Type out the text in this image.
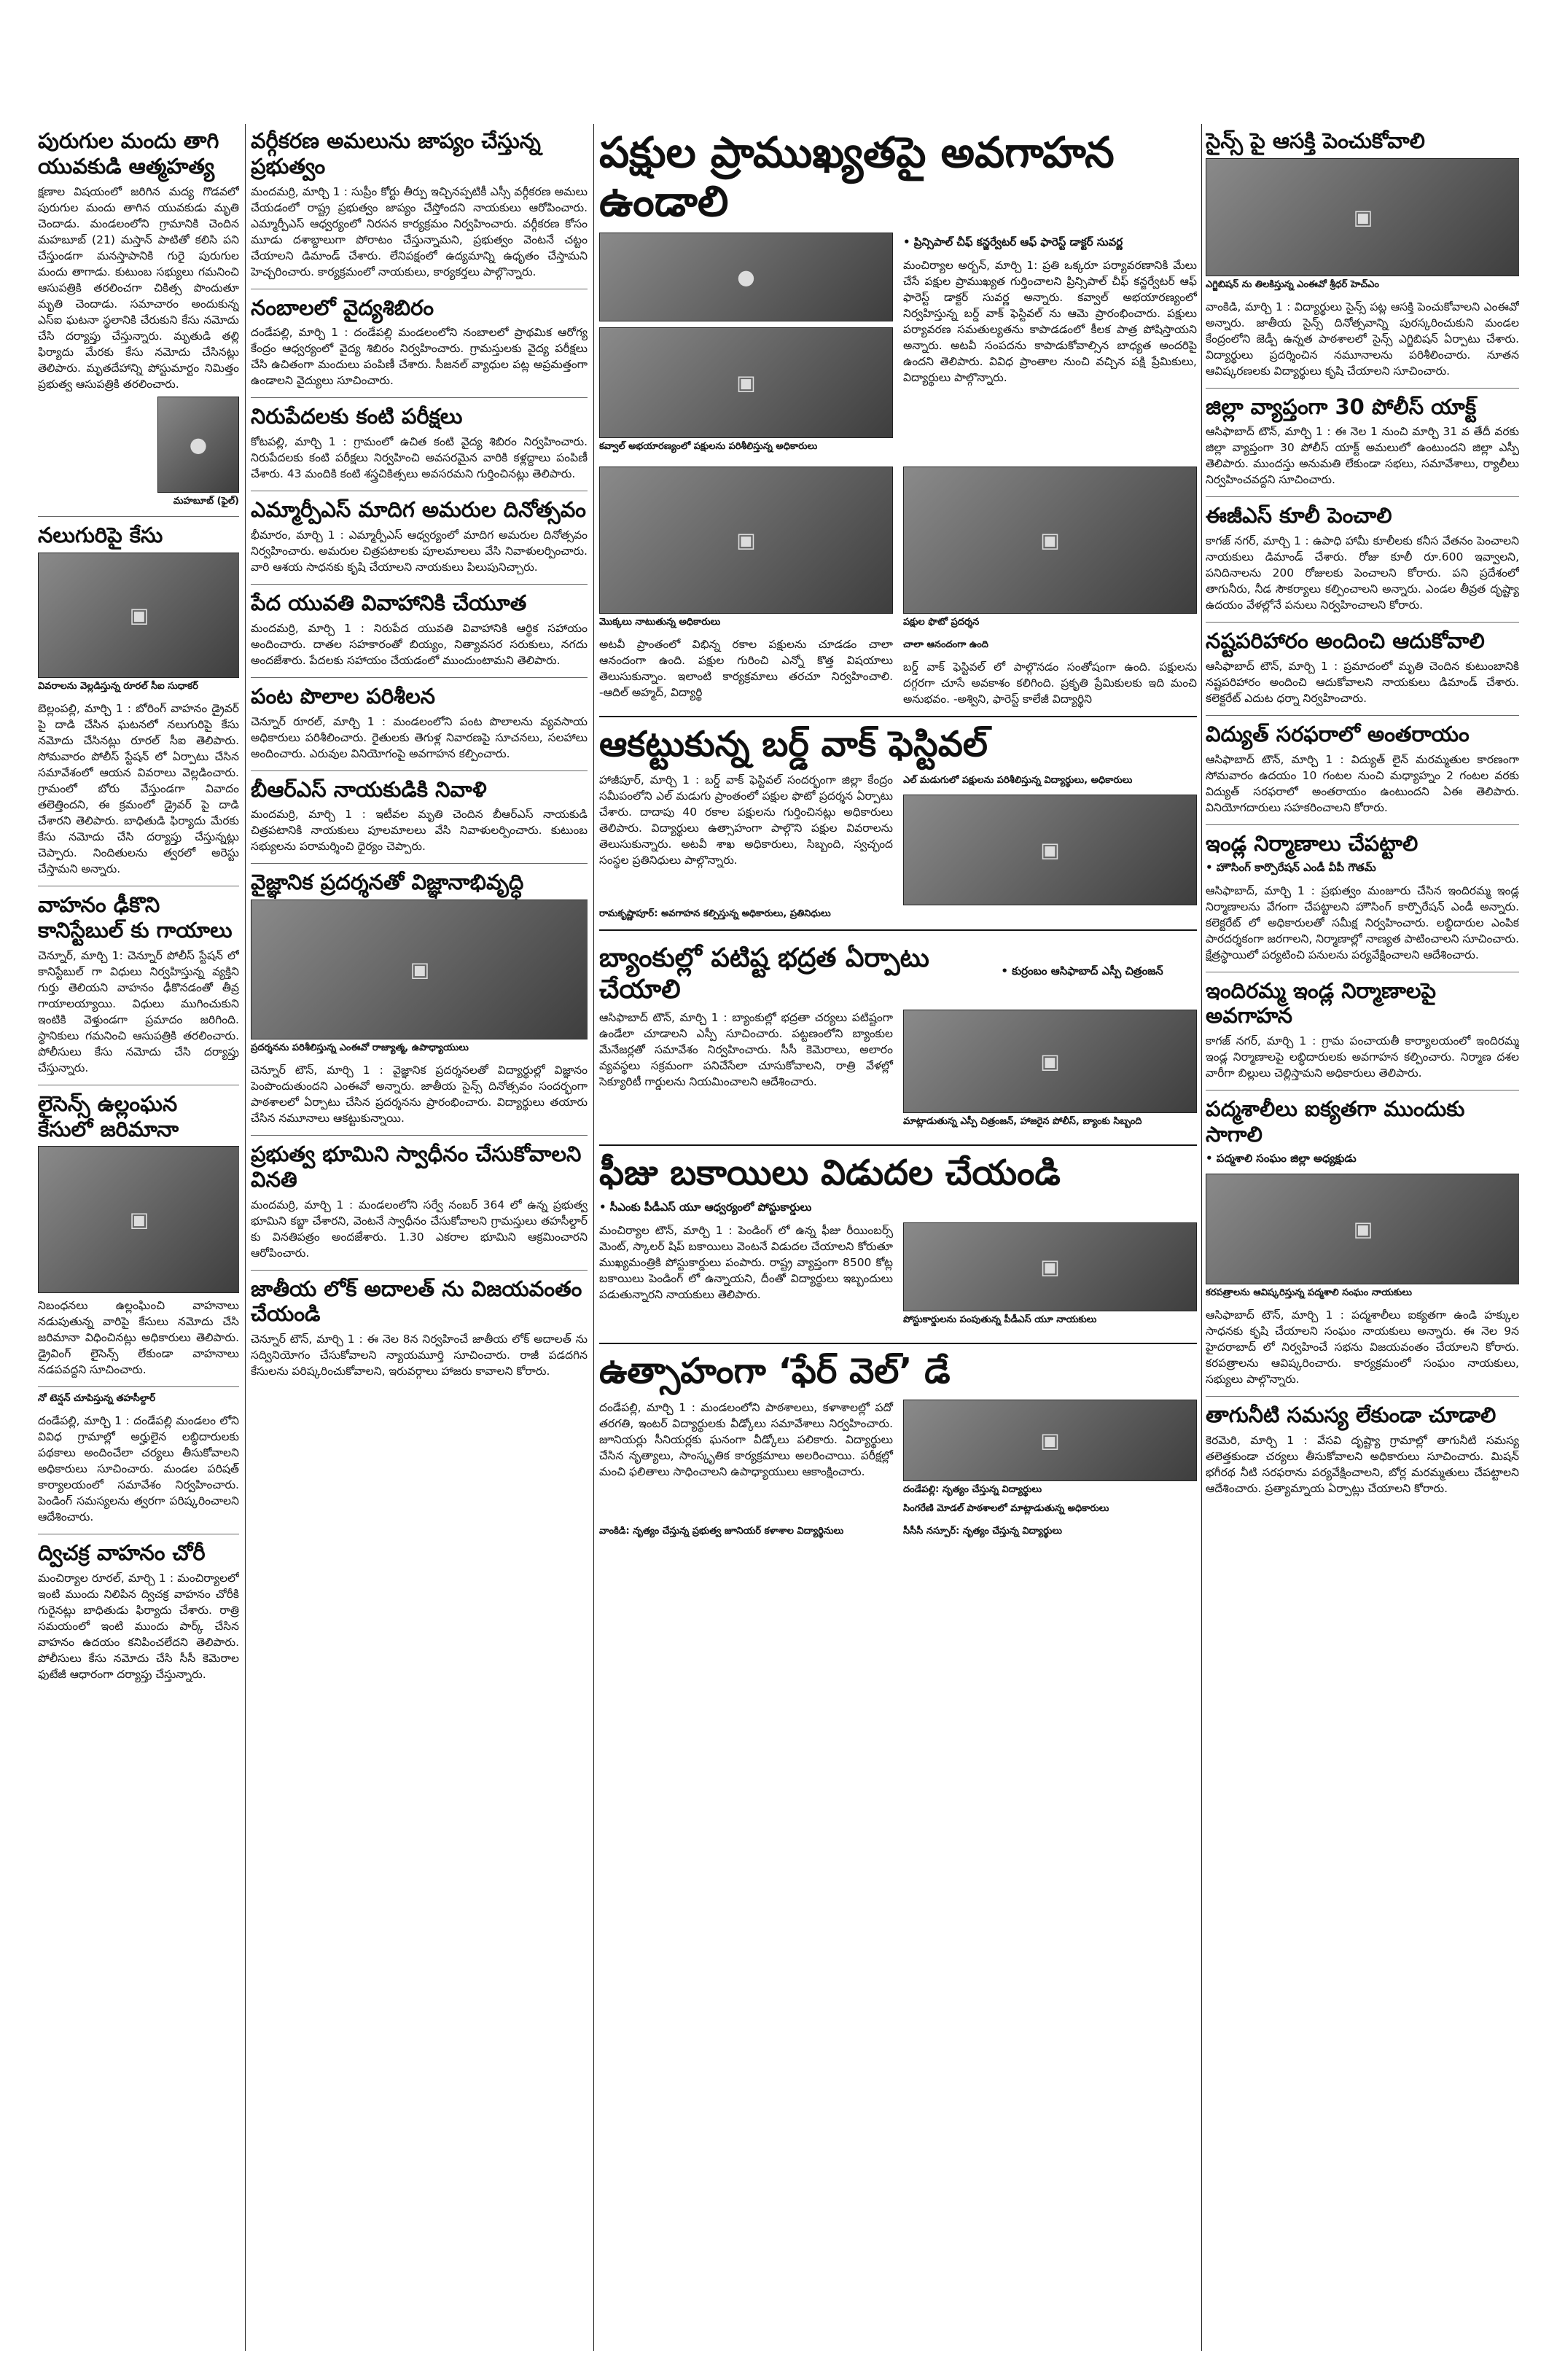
పురుగుల మందు తాగి యువకుడి ఆత్మహత్య
క్షణాల విషయంలో జరిగిన మద్య గొడవలో పురుగుల మందు తాగిన యువకుడు మృతి చెందాడు. మండలంలోని గ్రామానికి చెందిన మహబూబ్ (21) మస్తాన్ పాటితో కలిసి పని చేస్తుండగా మనస్తాపానికి గురై పురుగుల మందు తాగాడు. కుటుంబ సభ్యులు గమనించి ఆసుపత్రికి తరలించగా చికిత్స పొందుతూ మృతి చెందాడు. సమాచారం అందుకున్న ఎస్ఐ ఘటనా స్థలానికి చేరుకుని కేసు నమోదు చేసి దర్యాప్తు చేస్తున్నారు. మృతుడి తల్లి ఫిర్యాదు మేరకు కేసు నమోదు చేసినట్లు తెలిపారు. మృతదేహాన్ని పోస్టుమార్టం నిమిత్తం ప్రభుత్వ ఆసుపత్రికి తరలించారు.
●
మహబూబ్ (ఫైల్)
నలుగురిపై కేసు
▣
వివరాలను వెల్లడిస్తున్న రూరల్ సీఐ సుధాకర్
బెల్లంపల్లి, మార్చి 1 : బోరింగ్ వాహనం డ్రైవర్ పై దాడి చేసిన ఘటనలో నలుగురిపై కేసు నమోదు చేసినట్లు రూరల్ సీఐ తెలిపారు. సోమవారం పోలీస్ స్టేషన్ లో ఏర్పాటు చేసిన సమావేశంలో ఆయన వివరాలు వెల్లడించారు. గ్రామంలో బోరు వేస్తుండగా వివాదం తలెత్తిందని, ఈ క్రమంలో డ్రైవర్ పై దాడి చేశారని తెలిపారు. బాధితుడి ఫిర్యాదు మేరకు కేసు నమోదు చేసి దర్యాప్తు చేస్తున్నట్లు చెప్పారు. నిందితులను త్వరలో అరెస్టు చేస్తామని అన్నారు.
వాహనం ఢీకొని కానిస్టేబుల్ కు గాయాలు
చెన్నూర్, మార్చి 1: చెన్నూర్ పోలీస్ స్టేషన్ లో కానిస్టేబుల్ గా విధులు నిర్వహిస్తున్న వ్యక్తిని గుర్తు తెలియని వాహనం ఢీకొనడంతో తీవ్ర గాయాలయ్యాయి. విధులు ముగించుకుని ఇంటికి వెళ్తుండగా ప్రమాదం జరిగింది. స్థానికులు గమనించి ఆసుపత్రికి తరలించారు. పోలీసులు కేసు నమోదు చేసి దర్యాప్తు చేస్తున్నారు.
లైసెన్స్ ఉల్లంఘన కేసులో జరిమానా
▣
నిబంధనలు ఉల్లంఘించి వాహనాలు నడుపుతున్న వారిపై కేసులు నమోదు చేసి జరిమానా విధించినట్లు అధికారులు తెలిపారు. డ్రైవింగ్ లైసెన్స్ లేకుండా వాహనాలు నడపవద్దని సూచించారు.
నో టెన్షన్ చూపిస్తున్న తహసీల్దార్
దండేపల్లి, మార్చి 1 : దండేపల్లి మండలం లోని వివిధ గ్రామాల్లో అర్హులైన లబ్ధిదారులకు పథకాలు అందించేలా చర్యలు తీసుకోవాలని అధికారులు సూచించారు. మండల పరిషత్ కార్యాలయంలో సమావేశం నిర్వహించారు. పెండింగ్ సమస్యలను త్వరగా పరిష్కరించాలని ఆదేశించారు.
ద్విచక్ర వాహనం చోరీ
మంచిర్యాల రూరల్, మార్చి 1 : మంచిర్యాలలో ఇంటి ముందు నిలిపిన ద్విచక్ర వాహనం చోరీకి గురైనట్లు బాధితుడు ఫిర్యాదు చేశారు. రాత్రి సమయంలో ఇంటి ముందు పార్క్ చేసిన వాహనం ఉదయం కనిపించలేదని తెలిపారు. పోలీసులు కేసు నమోదు చేసి సీసీ కెమెరాల ఫుటేజీ ఆధారంగా దర్యాప్తు చేస్తున్నారు.
వర్గీకరణ అమలును జాప్యం చేస్తున్న ప్రభుత్వం
మందమర్రి, మార్చి 1 : సుప్రీం కోర్టు తీర్పు ఇచ్చినప్పటికీ ఎస్సీ వర్గీకరణ అమలు చేయడంలో రాష్ట్ర ప్రభుత్వం జాప్యం చేస్తోందని నాయకులు ఆరోపించారు. ఎమ్మార్పీఎస్ ఆధ్వర్యంలో నిరసన కార్యక్రమం నిర్వహించారు. వర్గీకరణ కోసం మూడు దశాబ్దాలుగా పోరాటం చేస్తున్నామని, ప్రభుత్వం వెంటనే చట్టం చేయాలని డిమాండ్ చేశారు. లేనిపక్షంలో ఉద్యమాన్ని ఉధృతం చేస్తామని హెచ్చరించారు. కార్యక్రమంలో నాయకులు, కార్యకర్తలు పాల్గొన్నారు.
నంబాలలో వైద్యశిబిరం
దండేపల్లి, మార్చి 1 : దండేపల్లి మండలంలోని నంబాలలో ప్రాథమిక ఆరోగ్య కేంద్రం ఆధ్వర్యంలో వైద్య శిబిరం నిర్వహించారు. గ్రామస్తులకు వైద్య పరీక్షలు చేసి ఉచితంగా మందులు పంపిణీ చేశారు. సీజనల్ వ్యాధుల పట్ల అప్రమత్తంగా ఉండాలని వైద్యులు సూచించారు.
నిరుపేదలకు కంటి పరీక్షలు
కోటపల్లి, మార్చి 1 : గ్రామంలో ఉచిత కంటి వైద్య శిబిరం నిర్వహించారు. నిరుపేదలకు కంటి పరీక్షలు నిర్వహించి అవసరమైన వారికి కళ్లద్దాలు పంపిణీ చేశారు. 43 మందికి కంటి శస్త్రచికిత్సలు అవసరమని గుర్తించినట్లు తెలిపారు.
ఎమ్మార్పీఎస్ మాదిగ అమరుల దినోత్సవం
భీమారం, మార్చి 1 : ఎమ్మార్పీఎస్ ఆధ్వర్యంలో మాదిగ అమరుల దినోత్సవం నిర్వహించారు. అమరుల చిత్రపటాలకు పూలమాలలు వేసి నివాళులర్పించారు. వారి ఆశయ సాధనకు కృషి చేయాలని నాయకులు పిలుపునిచ్చారు.
పేద యువతి వివాహానికి చేయూత
మందమర్రి, మార్చి 1 : నిరుపేద యువతి వివాహానికి ఆర్థిక సహాయం అందించారు. దాతల సహకారంతో బియ్యం, నిత్యావసర సరుకులు, నగదు అందజేశారు. పేదలకు సహాయం చేయడంలో ముందుంటామని తెలిపారు.
పంట పొలాల పరిశీలన
చెన్నూర్ రూరల్, మార్చి 1 : మండలంలోని పంట పొలాలను వ్యవసాయ అధికారులు పరిశీలించారు. రైతులకు తెగుళ్ల నివారణపై సూచనలు, సలహాలు అందించారు. ఎరువుల వినియోగంపై అవగాహన కల్పించారు.
బీఆర్ఎస్ నాయకుడికి నివాళి
మందమర్రి, మార్చి 1 : ఇటీవల మృతి చెందిన బీఆర్ఎస్ నాయకుడి చిత్రపటానికి నాయకులు పూలమాలలు వేసి నివాళులర్పించారు. కుటుంబ సభ్యులను పరామర్శించి ధైర్యం చెప్పారు.
వైజ్ఞానిక ప్రదర్శనతో విజ్ఞానాభివృద్ధి
▣
ప్రదర్శనను పరిశీలిస్తున్న ఎంఈవో రాజ్యాత్మ, ఉపాధ్యాయులు
చెన్నూర్ టౌన్, మార్చి 1 : వైజ్ఞానిక ప్రదర్శనలతో విద్యార్థుల్లో విజ్ఞానం పెంపొందుతుందని ఎంఈవో అన్నారు. జాతీయ సైన్స్ దినోత్సవం సందర్భంగా పాఠశాలలో ఏర్పాటు చేసిన ప్రదర్శనను ప్రారంభించారు. విద్యార్థులు తయారు చేసిన నమూనాలు ఆకట్టుకున్నాయి.
ప్రభుత్వ భూమిని స్వాధీనం చేసుకోవాలని వినతి
మందమర్రి, మార్చి 1 : మండలంలోని సర్వే నంబర్ 364 లో ఉన్న ప్రభుత్వ భూమిని కబ్జా చేశారని, వెంటనే స్వాధీనం చేసుకోవాలని గ్రామస్తులు తహసీల్దార్ కు వినతిపత్రం అందజేశారు. 1.30 ఎకరాల భూమిని ఆక్రమించారని ఆరోపించారు.
జాతీయ లోక్ అదాలత్ ను విజయవంతం చేయండి
చెన్నూర్ టౌన్, మార్చి 1 : ఈ నెల 8న నిర్వహించే జాతీయ లోక్ అదాలత్ ను సద్వినియోగం చేసుకోవాలని న్యాయమూర్తి సూచించారు. రాజీ పడదగిన కేసులను పరిష్కరించుకోవాలని, ఇరువర్గాలు హాజరు కావాలని కోరారు.
పక్షుల ప్రాముఖ్యతపై అవగాహన ఉండాలి
●
▣
కవ్వాల్ అభయారణ్యంలో పక్షులను పరిశీలిస్తున్న అధికారులు
• ప్రిన్సిపాల్ చీఫ్ కన్జర్వేటర్ ఆఫ్ ఫారెస్ట్ డాక్టర్ సువర్ణ
మంచిర్యాల అర్బన్, మార్చి 1: ప్రతి ఒక్కరూ పర్యావరణానికి మేలు చేసే పక్షుల ప్రాముఖ్యత గుర్తించాలని ప్రిన్సిపాల్ చీఫ్ కన్జర్వేటర్ ఆఫ్ ఫారెస్ట్ డాక్టర్ సువర్ణ అన్నారు. కవ్వాల్ అభయారణ్యంలో నిర్వహిస్తున్న బర్డ్ వాక్ ఫెస్టివల్ ను ఆమె ప్రారంభించారు. పక్షులు పర్యావరణ సమతుల్యతను కాపాడడంలో కీలక పాత్ర పోషిస్తాయని అన్నారు. అటవీ సంపదను కాపాడుకోవాల్సిన బాధ్యత అందరిపై ఉందని తెలిపారు. వివిధ ప్రాంతాల నుంచి వచ్చిన పక్షి ప్రేమికులు, విద్యార్థులు పాల్గొన్నారు.
▣
మొక్కలు నాటుతున్న అధికారులు
▣
పక్షుల ఫొటో ప్రదర్శన
అటవీ ప్రాంతంలో విభిన్న రకాల పక్షులను చూడడం చాలా ఆనందంగా ఉంది. పక్షుల గురించి ఎన్నో కొత్త విషయాలు తెలుసుకున్నాం. ఇలాంటి కార్యక్రమాలు తరచూ నిర్వహించాలి. -ఆదిల్ అహ్మద్, విద్యార్థి
చాలా ఆనందంగా ఉంది
బర్డ్ వాక్ ఫెస్టివల్ లో పాల్గొనడం సంతోషంగా ఉంది. పక్షులను దగ్గరగా చూసే అవకాశం కలిగింది. ప్రకృతి ప్రేమికులకు ఇది మంచి అనుభవం. -అశ్విని, ఫారెస్ట్ కాలేజీ విద్యార్థిని
ఆకట్టుకున్న బర్డ్ వాక్ ఫెస్టివల్
హాజీపూర్, మార్చి 1 : బర్డ్ వాక్ ఫెస్టివల్ సందర్భంగా జిల్లా కేంద్రం సమీపంలోని ఎల్ మడుగు ప్రాంతంలో పక్షుల ఫొటో ప్రదర్శన ఏర్పాటు చేశారు. దాదాపు 40 రకాల పక్షులను గుర్తించినట్లు అధికారులు తెలిపారు. విద్యార్థులు ఉత్సాహంగా పాల్గొని పక్షుల వివరాలను తెలుసుకున్నారు. అటవీ శాఖ అధికారులు, సిబ్బంది, స్వచ్ఛంద సంస్థల ప్రతినిధులు పాల్గొన్నారు.
ఎల్ మడుగులో పక్షులను పరిశీలిస్తున్న విద్యార్థులు, అధికారులు
▣
రామకృష్ణాపూర్: అవగాహన కల్పిస్తున్న అధికారులు, ప్రతినిధులు
బ్యాంకుల్లో పటిష్ట భద్రత ఏర్పాటు చేయాలి
• కుర్రంబం ఆసిఫాబాద్ ఎస్పీ చిత్రంజన్
ఆసిఫాబాద్ టౌన్, మార్చి 1 : బ్యాంకుల్లో భద్రతా చర్యలు పటిష్టంగా ఉండేలా చూడాలని ఎస్పీ సూచించారు. పట్టణంలోని బ్యాంకుల మేనేజర్లతో సమావేశం నిర్వహించారు. సీసీ కెమెరాలు, అలారం వ్యవస్థలు సక్రమంగా పనిచేసేలా చూసుకోవాలని, రాత్రి వేళల్లో సెక్యూరిటీ గార్డులను నియమించాలని ఆదేశించారు.
▣
మాట్లాడుతున్న ఎస్పీ చిత్రంజన్, హాజరైన పోలీస్, బ్యాంకు సిబ్బంది
ఫీజు బకాయిలు విడుదల చేయండి
• సీఎంకు పీడీఎస్ యూ ఆధ్వర్యంలో పోస్టుకార్డులు
మంచిర్యాల టౌన్, మార్చి 1 : పెండింగ్ లో ఉన్న ఫీజు రీయింబర్స్ మెంట్, స్కాలర్ షిప్ బకాయిలు వెంటనే విడుదల చేయాలని కోరుతూ ముఖ్యమంత్రికి పోస్టుకార్డులు పంపారు. రాష్ట్ర వ్యాప్తంగా 8500 కోట్ల బకాయిలు పెండింగ్ లో ఉన్నాయని, దీంతో విద్యార్థులు ఇబ్బందులు పడుతున్నారని నాయకులు తెలిపారు.
▣
పోస్టుకార్డులను పంపుతున్న పీడీఎస్ యూ నాయకులు
ఉత్సాహంగా ‘ఫేర్ వెల్’ డే
దండేపల్లి, మార్చి 1 : మండలంలోని పాఠశాలలు, కళాశాలల్లో పదో తరగతి, ఇంటర్ విద్యార్థులకు వీడ్కోలు సమావేశాలు నిర్వహించారు. జూనియర్లు సీనియర్లకు ఘనంగా వీడ్కోలు పలికారు. విద్యార్థులు చేసిన నృత్యాలు, సాంస్కృతిక కార్యక్రమాలు అలరించాయి. పరీక్షల్లో మంచి ఫలితాలు సాధించాలని ఉపాధ్యాయులు ఆకాంక్షించారు.
▣
దండేపల్లి: నృత్యం చేస్తున్న విద్యార్థులు
సింగరేణి మోడల్ పాఠశాలలో మాట్లాడుతున్న అధికారులు
వాంకిడి: నృత్యం చేస్తున్న ప్రభుత్వ జూనియర్ కళాశాల విద్యార్థినులు	సీసీసీ నస్పూర్: నృత్యం చేస్తున్న విద్యార్థులు
సైన్స్ పై ఆసక్తి పెంచుకోవాలి
▣
ఎగ్జిబిషన్ ను తిలకిస్తున్న ఎంఈవో శ్రీధర్ హెచ్ఎం
వాంకిడి, మార్చి 1 : విద్యార్థులు సైన్స్ పట్ల ఆసక్తి పెంచుకోవాలని ఎంఈవో అన్నారు. జాతీయ సైన్స్ దినోత్సవాన్ని పురస్కరించుకుని మండల కేంద్రంలోని జెడ్పీ ఉన్నత పాఠశాలలో సైన్స్ ఎగ్జిబిషన్ ఏర్పాటు చేశారు. విద్యార్థులు ప్రదర్శించిన నమూనాలను పరిశీలించారు. నూతన ఆవిష్కరణలకు విద్యార్థులు కృషి చేయాలని సూచించారు.
జిల్లా వ్యాప్తంగా 30 పోలీస్ యాక్ట్
ఆసిఫాబాద్ టౌన్, మార్చి 1 : ఈ నెల 1 నుంచి మార్చి 31 వ తేదీ వరకు జిల్లా వ్యాప్తంగా 30 పోలీస్ యాక్ట్ అమలులో ఉంటుందని జిల్లా ఎస్పీ తెలిపారు. ముందస్తు అనుమతి లేకుండా సభలు, సమావేశాలు, ర్యాలీలు నిర్వహించవద్దని సూచించారు.
ఈజీఎస్ కూలీ పెంచాలి
కాగజ్ నగర్, మార్చి 1 : ఉపాధి హామీ కూలీలకు కనీస వేతనం పెంచాలని నాయకులు డిమాండ్ చేశారు. రోజు కూలీ రూ.600 ఇవ్వాలని, పనిదినాలను 200 రోజులకు పెంచాలని కోరారు. పని ప్రదేశంలో తాగునీరు, నీడ సౌకర్యాలు కల్పించాలని అన్నారు. ఎండల తీవ్రత దృష్ట్యా ఉదయం వేళల్లోనే పనులు నిర్వహించాలని కోరారు.
నష్టపరిహారం అందించి ఆదుకోవాలి
ఆసిఫాబాద్ టౌన్, మార్చి 1 : ప్రమాదంలో మృతి చెందిన కుటుంబానికి నష్టపరిహారం అందించి ఆదుకోవాలని నాయకులు డిమాండ్ చేశారు. కలెక్టరేట్ ఎదుట ధర్నా నిర్వహించారు.
విద్యుత్ సరఫరాలో అంతరాయం
ఆసిఫాబాద్ టౌన్, మార్చి 1 : విద్యుత్ లైన్ మరమ్మతుల కారణంగా సోమవారం ఉదయం 10 గంటల నుంచి మధ్యాహ్నం 2 గంటల వరకు విద్యుత్ సరఫరాలో అంతరాయం ఉంటుందని ఏఈ తెలిపారు. వినియోగదారులు సహకరించాలని కోరారు.
ఇండ్ల నిర్మాణాలు చేపట్టాలి
• హౌసింగ్ కార్పొరేషన్ ఎండీ వీపీ గౌతమ్
ఆసిఫాబాద్, మార్చి 1 : ప్రభుత్వం మంజూరు చేసిన ఇందిరమ్మ ఇండ్ల నిర్మాణాలను వేగంగా చేపట్టాలని హౌసింగ్ కార్పొరేషన్ ఎండీ అన్నారు. కలెక్టరేట్ లో అధికారులతో సమీక్ష నిర్వహించారు. లబ్ధిదారుల ఎంపిక పారదర్శకంగా జరగాలని, నిర్మాణాల్లో నాణ్యత పాటించాలని సూచించారు. క్షేత్రస్థాయిలో పర్యటించి పనులను పర్యవేక్షించాలని ఆదేశించారు.
ఇందిరమ్మ ఇండ్ల నిర్మాణాలపై అవగాహన
కాగజ్ నగర్, మార్చి 1 : గ్రామ పంచాయతీ కార్యాలయంలో ఇందిరమ్మ ఇండ్ల నిర్మాణాలపై లబ్ధిదారులకు అవగాహన కల్పించారు. నిర్మాణ దశల వారీగా బిల్లులు చెల్లిస్తామని అధికారులు తెలిపారు.
పద్మశాలీలు ఐక్యతగా ముందుకు సాగాలి
• పద్మశాలి సంఘం జిల్లా అధ్యక్షుడు
▣
కరపత్రాలను ఆవిష్కరిస్తున్న పద్మశాలి సంఘం నాయకులు
ఆసిఫాబాద్ టౌన్, మార్చి 1 : పద్మశాలీలు ఐక్యతగా ఉండి హక్కుల సాధనకు కృషి చేయాలని సంఘం నాయకులు అన్నారు. ఈ నెల 9న హైదరాబాద్ లో నిర్వహించే సభను విజయవంతం చేయాలని కోరారు. కరపత్రాలను ఆవిష్కరించారు. కార్యక్రమంలో సంఘం నాయకులు, సభ్యులు పాల్గొన్నారు.
తాగునీటి సమస్య లేకుండా చూడాలి
కెరమెరి, మార్చి 1 : వేసవి దృష్ట్యా గ్రామాల్లో తాగునీటి సమస్య తలెత్తకుండా చర్యలు తీసుకోవాలని అధికారులు సూచించారు. మిషన్ భగీరథ నీటి సరఫరాను పర్యవేక్షించాలని, బోర్ల మరమ్మతులు చేపట్టాలని ఆదేశించారు. ప్రత్యామ్నాయ ఏర్పాట్లు చేయాలని కోరారు.
